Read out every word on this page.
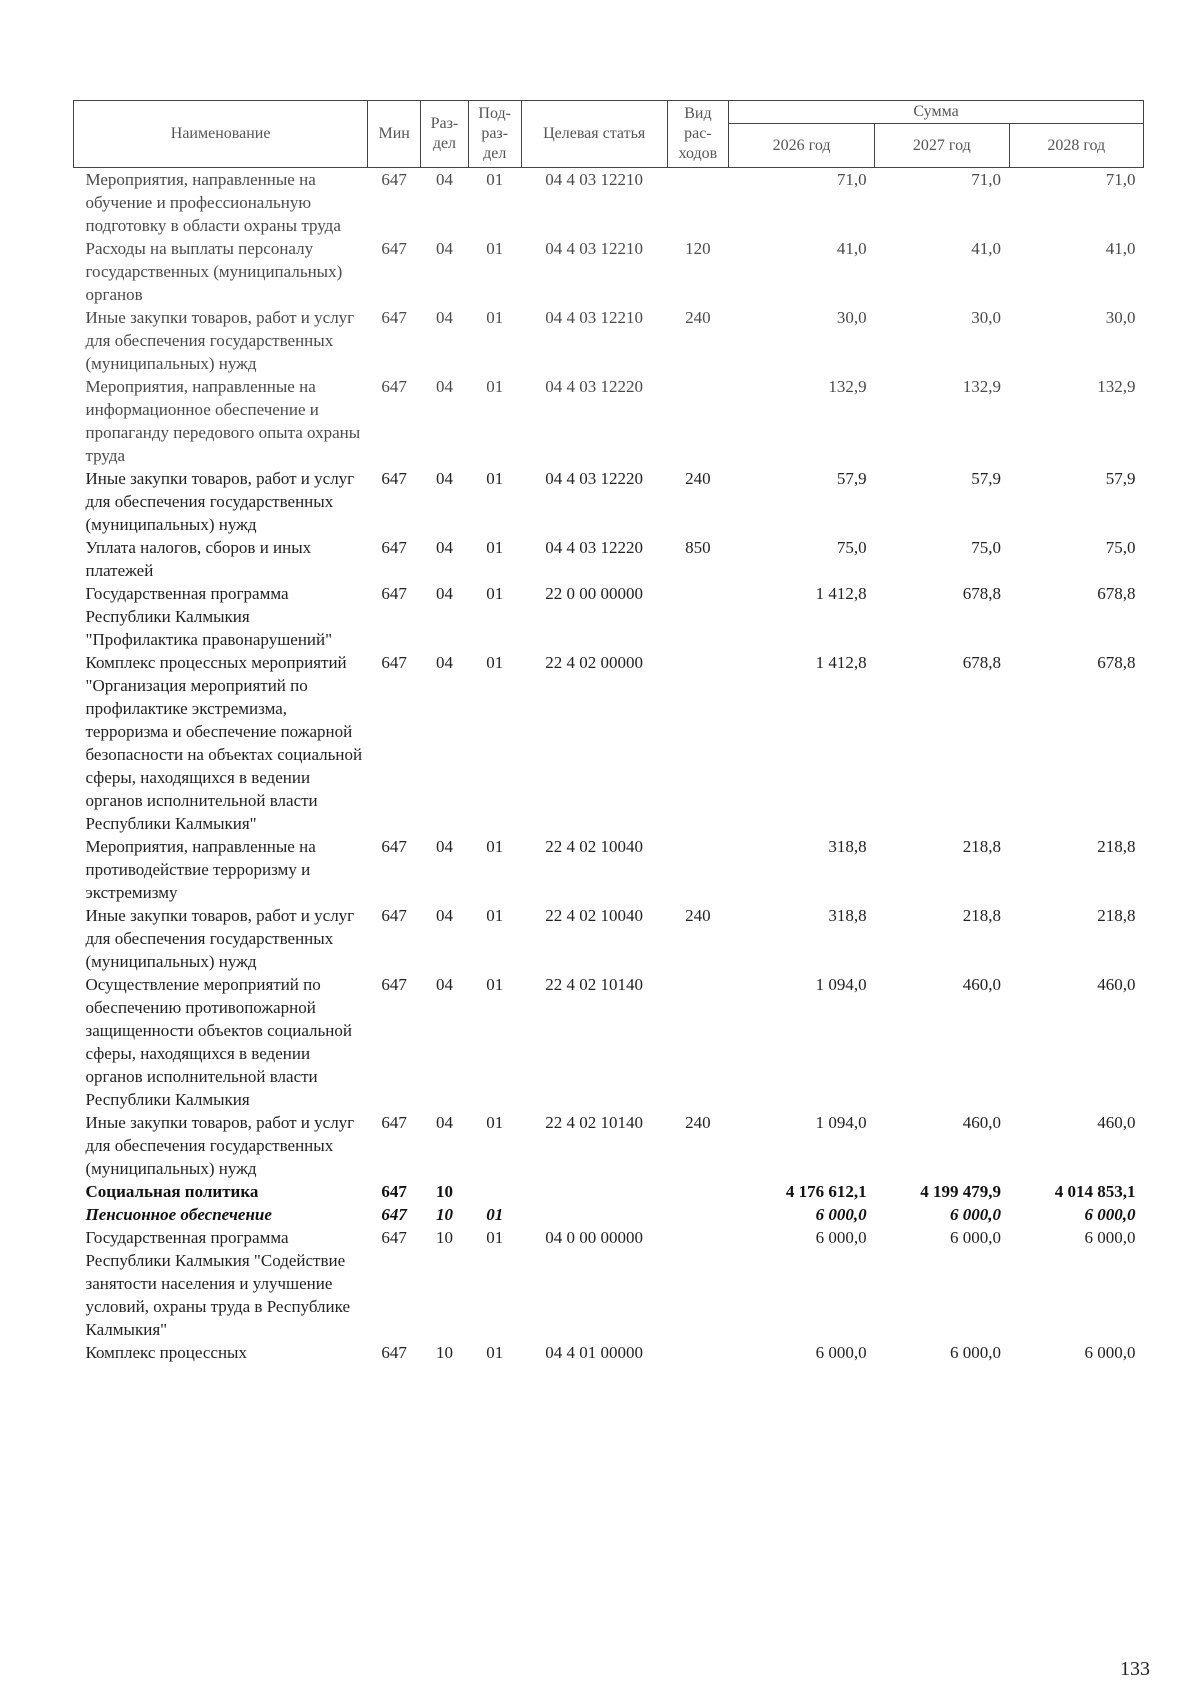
Наименование	Мин	Раз-дел	Под-раз-дел	Целевая статья	Вид рас-ходов	Сумма		
						2026 год	2027 год	2028 год
Мероприятия, направленные на обучение и профессиональную подготовку в области охраны труда	647	04	01	04 4 03 12210		71,0	71,0	71,0
Расходы на выплаты персоналу государственных (муниципальных) органов	647	04	01	04 4 03 12210	120	41,0	41,0	41,0
Иные закупки товаров, работ и услуг для обеспечения государственных (муниципальных) нужд	647	04	01	04 4 03 12210	240	30,0	30,0	30,0
Мероприятия, направленные на информационное обеспечение и пропаганду передового опыта охраны труда	647	04	01	04 4 03 12220		132,9	132,9	132,9
Иные закупки товаров, работ и услуг для обеспечения государственных (муниципальных) нужд	647	04	01	04 4 03 12220	240	57,9	57,9	57,9
Уплата налогов, сборов и иных платежей	647	04	01	04 4 03 12220	850	75,0	75,0	75,0
Государственная программа Республики Калмыкия "Профилактика правонарушений"	647	04	01	22 0 00 00000		1 412,8	678,8	678,8
Комплекс процессных мероприятий "Организация мероприятий по профилактике экстремизма, терроризма и обеспечение пожарной безопасности на объектах социальной сферы, находящихся в ведении органов исполнительной власти Республики Калмыкия"	647	04	01	22 4 02 00000		1 412,8	678,8	678,8
Мероприятия, направленные на противодействие терроризму и экстремизму	647	04	01	22 4 02 10040		318,8	218,8	218,8
Иные закупки товаров, работ и услуг для обеспечения государственных (муниципальных) нужд	647	04	01	22 4 02 10040	240	318,8	218,8	218,8
Осуществление мероприятий по обеспечению противопожарной защищенности объектов социальной сферы, находящихся в ведении органов исполнительной власти Республики Калмыкия	647	04	01	22 4 02 10140		1 094,0	460,0	460,0
Иные закупки товаров, работ и услуг для обеспечения государственных (муниципальных) нужд	647	04	01	22 4 02 10140	240	1 094,0	460,0	460,0
Социальная политика	647	10				4 176 612,1	4 199 479,9	4 014 853,1
Пенсионное обеспечение	647	10	01			6 000,0	6 000,0	6 000,0
Государственная программа Республики Калмыкия "Содействие занятости населения и улучшение условий, охраны труда в Республике Калмыкия"	647	10	01	04 0 00 00000		6 000,0	6 000,0	6 000,0
Комплекс процессных	647	10	01	04 4 01 00000		6 000,0	6 000,0	6 000,0
133
